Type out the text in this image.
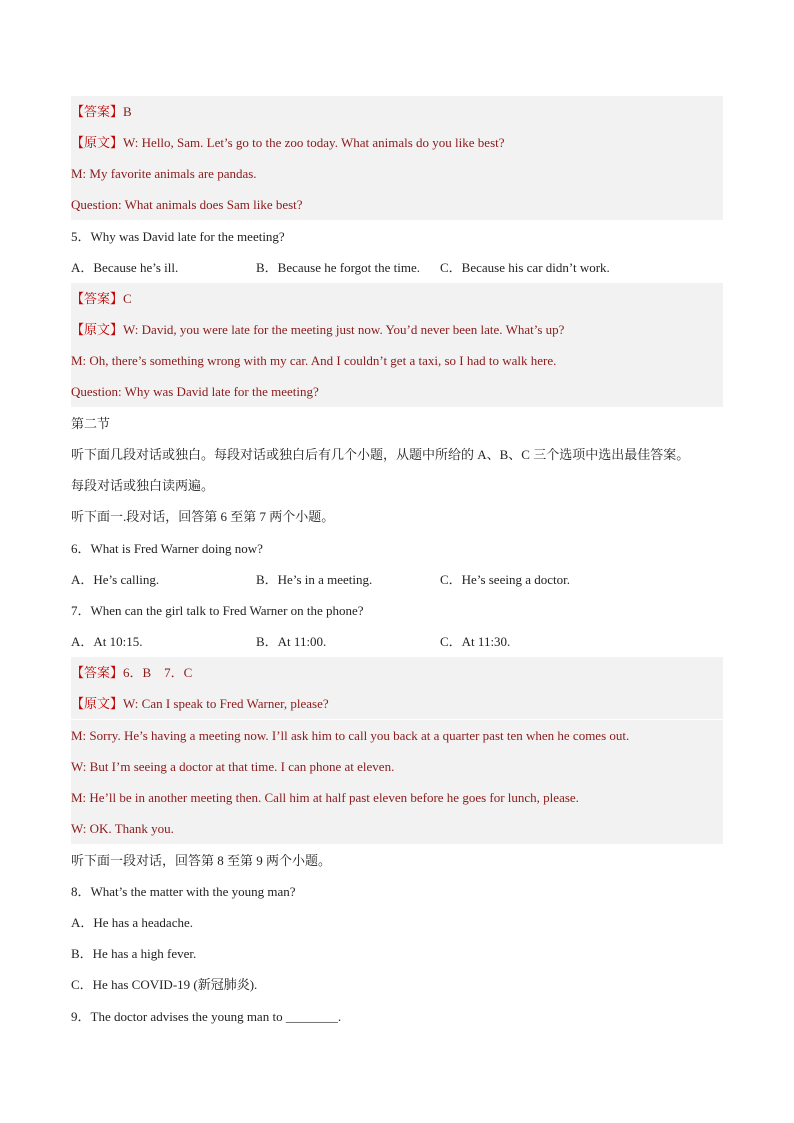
【答案】B
【原文】W: Hello, Sam. Let’s go to the zoo today. What animals do you like best?
M: My favorite animals are pandas.
Question: What animals does Sam like best?
5．Why was David late for the meeting?
A．Because he’s ill.	B．Because he forgot the time. C．Because his car didn’t work.
【答案】C
【原文】W: David, you were late for the meeting just now. You’d never been late. What’s up?
M: Oh, there’s something wrong with my car. And I couldn’t get a taxi, so I had to walk here.
Question: Why was David late for the meeting?
第二节
听下面几段对话或独白。每段对话或独白后有几个小题，从题中所给的 A、B、C 三个选项中选出最佳答案。
每段对话或独白读两遍。
听下面一.段对话，回答第 6 至第 7 两个小题。
6．What is Fred Warner doing now?
A．He’s calling.	B．He’s in a meeting.	C．He’s seeing a doctor.
7．When can the girl talk to Fred Warner on the phone?
A．At 10:15.	B．At 11:00.	C．At 11:30.
【答案】6．B　7．C
【原文】W: Can I speak to Fred Warner, please?
M: Sorry. He’s having a meeting now. I’ll ask him to call you back at a quarter past ten when he comes out.
W: But I’m seeing a doctor at that time. I can phone at eleven.
M: He’ll be in another meeting then. Call him at half past eleven before he goes for lunch, please.
W: OK. Thank you.
听下面一段对话，回答第 8 至第 9 两个小题。
8．What’s the matter with the young man?
A．He has a headache.
B．He has a high fever.
C．He has COVID-19 (新冠肺炎).
9．The doctor advises the young man to ________.
